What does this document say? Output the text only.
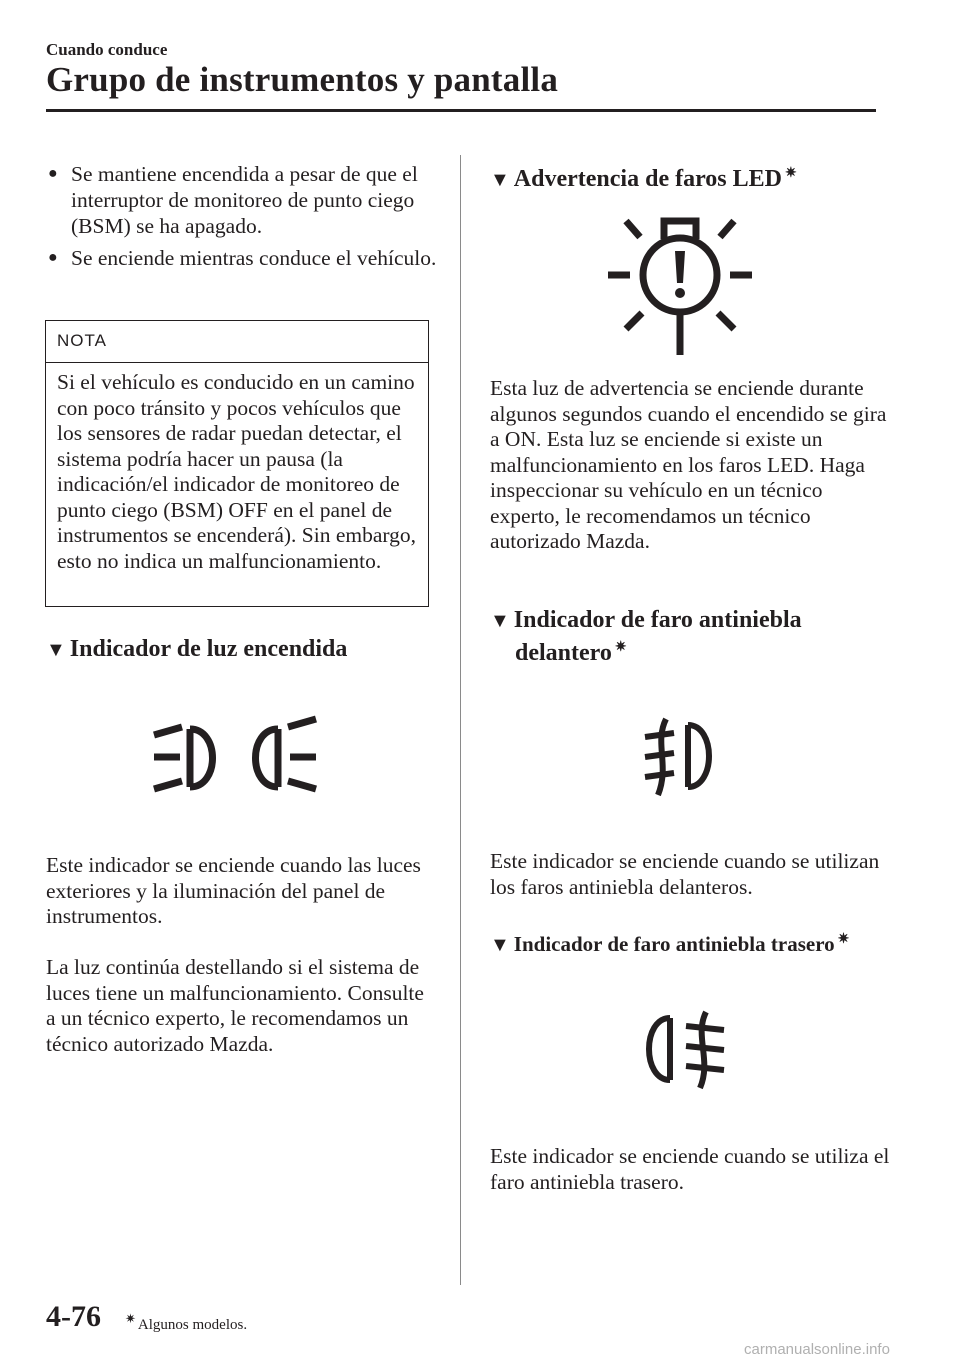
Cuando conduce
Grupo de instrumentos y pantalla
● Se mantiene encendida a pesar de que el interruptor de monitoreo de punto ciego (BSM) se ha apagado.
● Se enciende mientras conduce el vehículo.
NOTA
Si el vehículo es conducido en un camino con poco tránsito y pocos vehículos que los sensores de radar puedan detectar, el sistema podría hacer un pausa (la indicación/el indicador de monitoreo de punto ciego (BSM) OFF en el panel de instrumentos se encenderá). Sin embargo, esto no indica un malfuncionamiento.
▼ Indicador de luz encendida
Este indicador se enciende cuando las luces exteriores y la iluminación del panel de instrumentos.
La luz continúa destellando si el sistema de luces tiene un malfuncionamiento. Consulte a un técnico experto, le recomendamos un técnico autorizado Mazda.
▼ Advertencia de faros LED ✷
Esta luz de advertencia se enciende durante algunos segundos cuando el encendido se gira a ON. Esta luz se enciende si existe un malfuncionamiento en los faros LED. Haga inspeccionar su vehículo en un técnico experto, le recomendamos un técnico autorizado Mazda.
▼ Indicador de faro antiniebla
delantero ✷
Este indicador se enciende cuando se utilizan los faros antiniebla delanteros.
▼ Indicador de faro antiniebla trasero ✷
Este indicador se enciende cuando se utiliza el faro antiniebla trasero.
4-76 ✷ Algunos modelos.
carmanualsonline.info
